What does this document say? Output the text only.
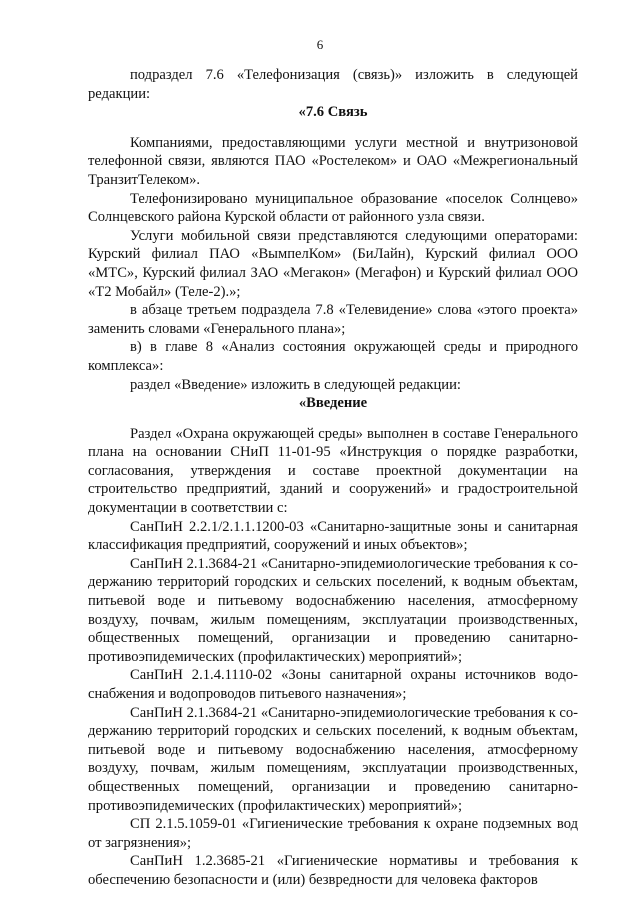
6

подраздел 7.6 «Телефонизация (связь)» изложить в следующей редакции:

«7.6 Связь

Компаниями, предоставляющими услуги местной и внутризоновой телефонной связи, являются ПАО «Ростелеком» и ОАО «Межрегиональный ТранзитТелеком».

Телефонизировано муниципальное образование «поселок Солнцево» Солнцевского района Курской области от районного узла связи.

Услуги мобильной связи представляются следующими операторами: Курский филиал ПАО «ВымпелКом» (БиЛайн), Курский филиал ООО «МТС», Курский филиал ЗАО «Мегакон» (Мегафон) и Курский филиал ООО «Т2 Мобайл» (Теле-2).»;

в абзаце третьем подраздела 7.8 «Телевидение» слова «этого проекта» заменить словами «Генерального плана»;

в) в главе 8 «Анализ состояния окружающей среды и природного комплекса»:

раздел «Введение» изложить в следующей редакции:

«Введение

Раздел «Охрана окружающей среды» выполнен в составе Генерального плана на основании СНиП 11-01-95 «Инструкция о порядке разработки, согласования, утверждения и составе проектной документации на строительство предприятий, зданий и сооружений» и градостроительной документации в соответствии с:

СанПиН 2.2.1/2.1.1.1200-03 «Санитарно-защитные зоны и санитарная классификация предприятий, сооружений и иных объектов»;

СанПиН 2.1.3684-21 «Санитарно-эпидемиологические требования к со-держанию территорий городских и сельских поселений, к водным объектам, питьевой воде и питьевому водоснабжению населения, атмосферному воздуху, почвам, жилым помещениям, эксплуатации производственных, общественных помещений, организации и проведению санитарно-противоэпидемических (профилактических) мероприятий»;

СанПиН 2.1.4.1110-02 «Зоны санитарной охраны источников водо-снабжения и водопроводов питьевого назначения»;

СанПиН 2.1.3684-21 «Санитарно-эпидемиологические требования к со-держанию территорий городских и сельских поселений, к водным объектам, питьевой воде и питьевому водоснабжению населения, атмосферному воздуху, почвам, жилым помещениям, эксплуатации производственных, общественных помещений, организации и проведению санитарно-противоэпидемических (профилактических) мероприятий»;

СП 2.1.5.1059-01 «Гигиенические требования к охране подземных вод от загрязнения»;

СанПиН 1.2.3685-21 «Гигиенические нормативы и требования к обеспечению безопасности и (или) безвредности для человека факторов
